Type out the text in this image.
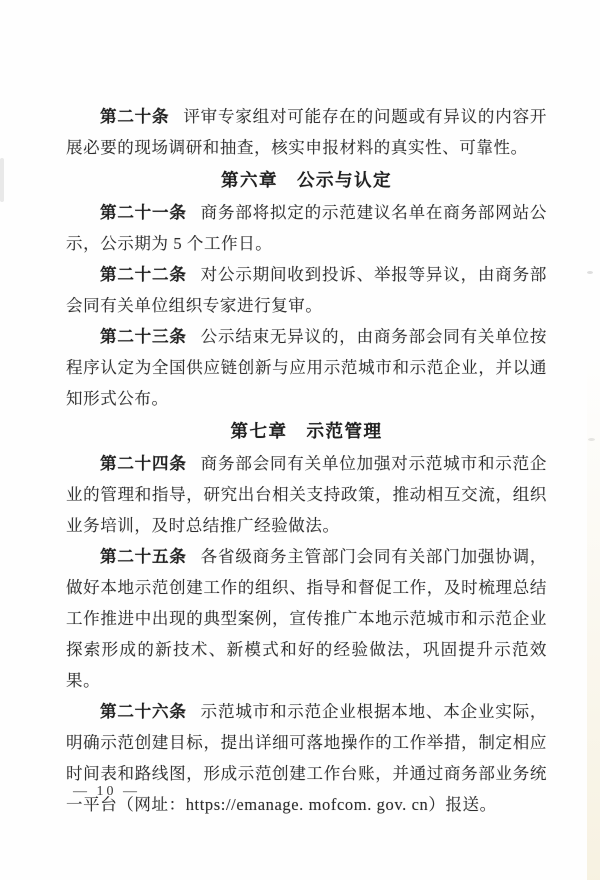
第二十条 评审专家组对可能存在的问题或有异议的内容开展必要的现场调研和抽查，核实申报材料的真实性、可靠性。

第六章　公示与认定

第二十一条 商务部将拟定的示范建议名单在商务部网站公示，公示期为 5 个工作日。

第二十二条 对公示期间收到投诉、举报等异议，由商务部会同有关单位组织专家进行复审。

第二十三条 公示结束无异议的，由商务部会同有关单位按程序认定为全国供应链创新与应用示范城市和示范企业，并以通知形式公布。

第七章　示范管理

第二十四条 商务部会同有关单位加强对示范城市和示范企业的管理和指导，研究出台相关支持政策，推动相互交流，组织业务培训，及时总结推广经验做法。

第二十五条 各省级商务主管部门会同有关部门加强协调，做好本地示范创建工作的组织、指导和督促工作，及时梳理总结工作推进中出现的典型案例，宣传推广本地示范城市和示范企业探索形成的新技术、新模式和好的经验做法，巩固提升示范效果。

第二十六条 示范城市和示范企业根据本地、本企业实际，明确示范创建目标，提出详细可落地操作的工作举措，制定相应时间表和路线图，形成示范创建工作台账，并通过商务部业务统一平台（网址：https://emanage. mofcom. gov. cn）报送。

— 10 —
